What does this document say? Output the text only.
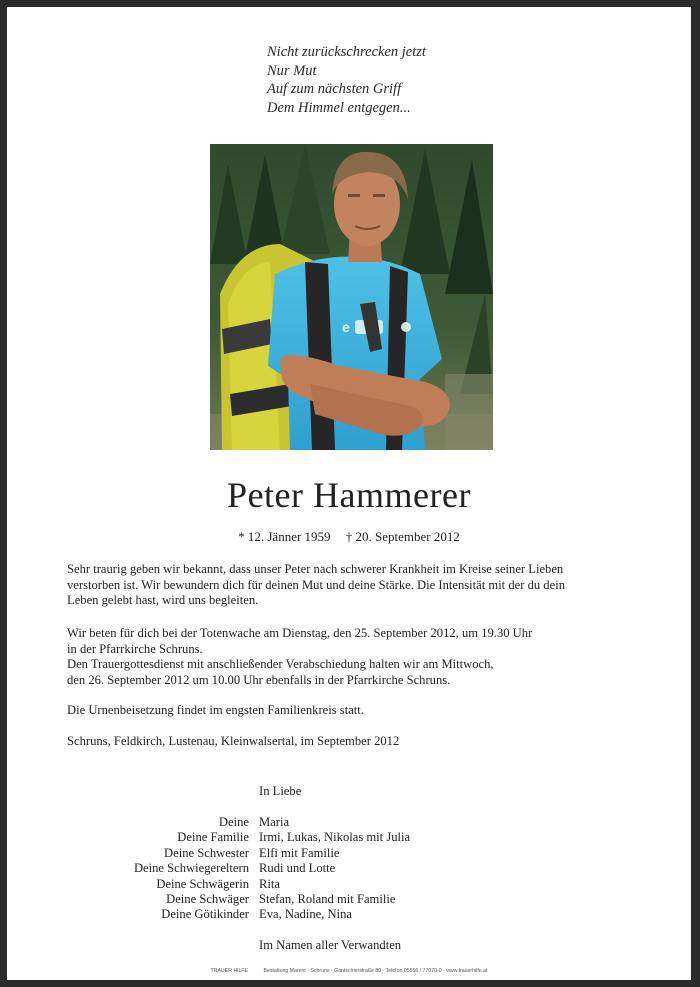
Nicht zurückschrecken jetzt
Nur Mut
Auf zum nächsten Griff
Dem Himmel entgegen...
e
Peter Hammerer
* 12. Jänner 1959 † 20. September 2012
Sehr traurig geben wir bekannt, dass unser Peter nach schwerer Krankheit im Kreise seiner Lieben
verstorben ist. Wir bewundern dich für deinen Mut und deine Stärke. Die Intensität mit der du dein
Leben gelebt hast, wird uns begleiten.
Wir beten für dich bei der Totenwache am Dienstag, den 25. September 2012, um 19.30 Uhr
in der Pfarrkirche Schruns.
Den Trauergottesdienst mit anschließender Verabschiedung halten wir am Mittwoch,
den 26. September 2012 um 10.00 Uhr ebenfalls in der Pfarrkirche Schruns.
Die Urnenbeisetzung findet im engsten Familienkreis statt.
Schruns, Feldkirch, Lustenau, Kleinwalsertal, im September 2012
In Liebe
Deine Maria
Deine Familie Irmi, Lukas, Nikolas mit Julia
Deine Schwester Elfi mit Familie
Deine Schwiegereltern Rudi und Lotte
Deine Schwägerin Rita
Deine Schwäger Stefan, Roland mit Familie
Deine Götikinder Eva, Nadine, Nina
Im Namen aller Verwandten
TRAUER HILFE	Bestattung Marent · Schruns · Gantschierstraße 80 · Telefon 05556 / 77070-0 · www.trauerhilfe.at
